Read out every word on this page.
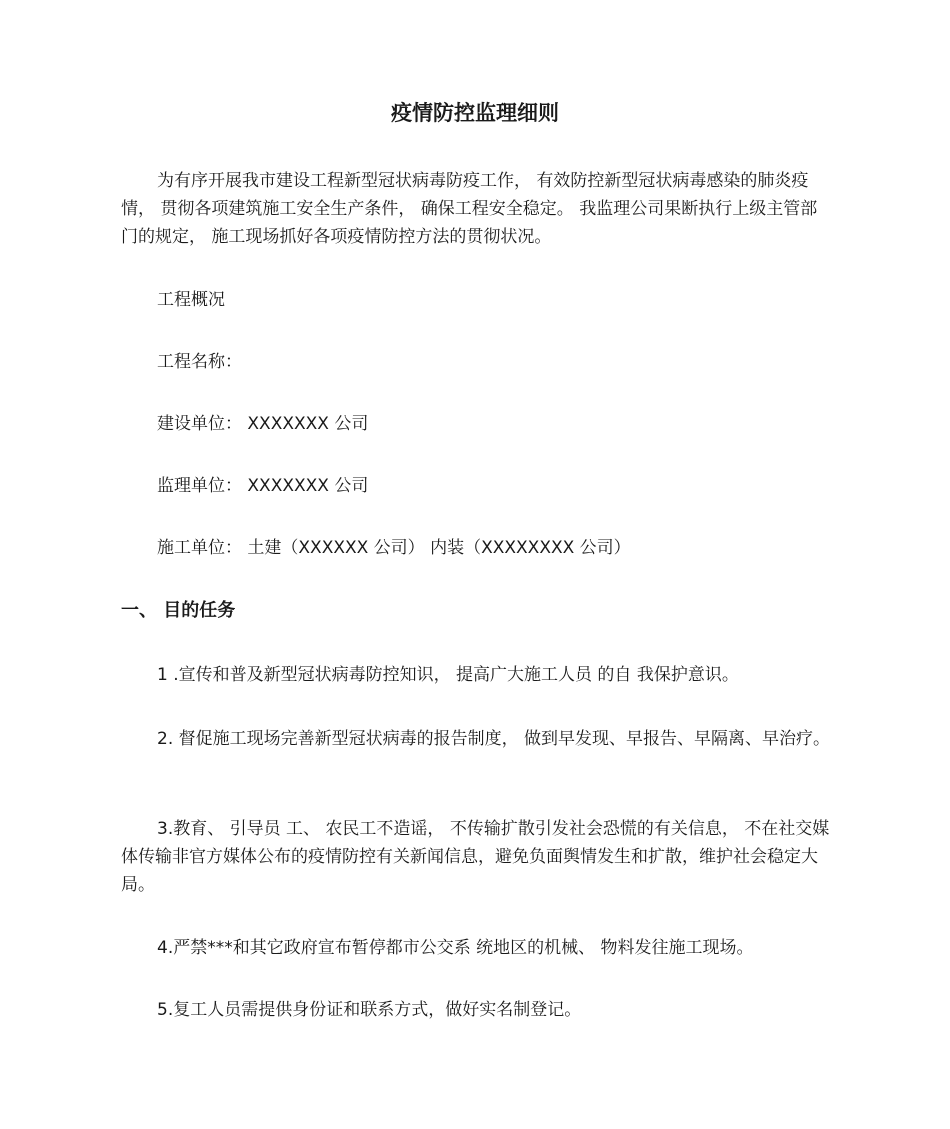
疫情防控监理细则

为有序开展我市建设工程新型冠状病毒防疫工作， 有效防控新型冠状病毒感染的肺炎疫情， 贯彻各项建筑施工安全生产条件， 确保工程安全稳定。 我监理公司果断执行上级主管部门的规定， 施工现场抓好各项疫情防控方法的贯彻状况。

工程概况

工程名称：

建设单位： XXXXXXX 公司

监理单位： XXXXXXX 公司

施工单位： 土建（XXXXXX 公司） 内装（XXXXXXXX 公司）

一、 目的任务

1 .宣传和普及新型冠状病毒防控知识， 提高广大施工人员 的自 我保护意识。

2. 督促施工现场完善新型冠状病毒的报告制度， 做到早发现、早报告、早隔离、早治疗。

3.教育、 引导员 工、 农民工不造谣， 不传输扩散引发社会恐慌的有关信息， 不在社交媒体传输非官方媒体公布的疫情防控有关新闻信息，避免负面舆情发生和扩散，维护社会稳定大局。

4.严禁***和其它政府宣布暂停都市公交系 统地区的机械、 物料发往施工现场。

5.复工人员需提供身份证和联系方式，做好实名制登记。
